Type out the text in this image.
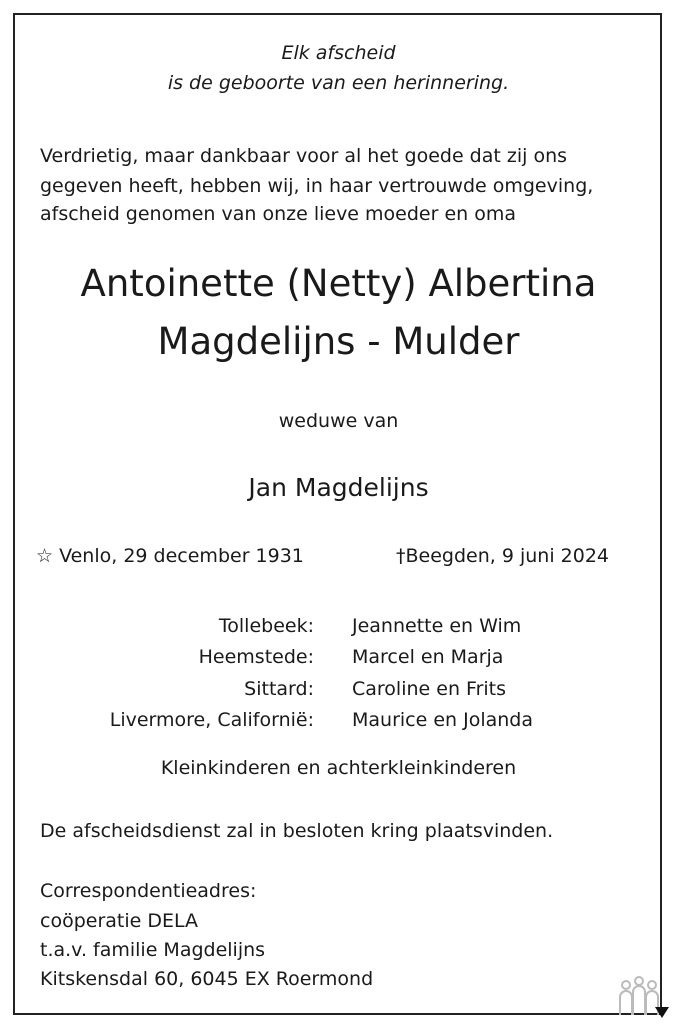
Elk afscheid
is de geboorte van een herinnering.
Verdrietig, maar dankbaar voor al het goede dat zij ons
gegeven heeft, hebben wij, in haar vertrouwde omgeving,
afscheid genomen van onze lieve moeder en oma
Antoinette (Netty) Albertina
Magdelijns - Mulder
weduwe van
Jan Magdelijns
☆ Venlo, 29 december 1931	†Beegden, 9 juni 2024
Tollebeek: Jeannette en Wim
Heemstede: Marcel en Marja
Sittard: Caroline en Frits
Livermore, Californië: Maurice en Jolanda
Kleinkinderen en achterkleinkinderen
De afscheidsdienst zal in besloten kring plaatsvinden.
Correspondentieadres:
coöperatie DELA
t.a.v. familie Magdelijns
Kitskensdal 60, 6045 EX Roermond
